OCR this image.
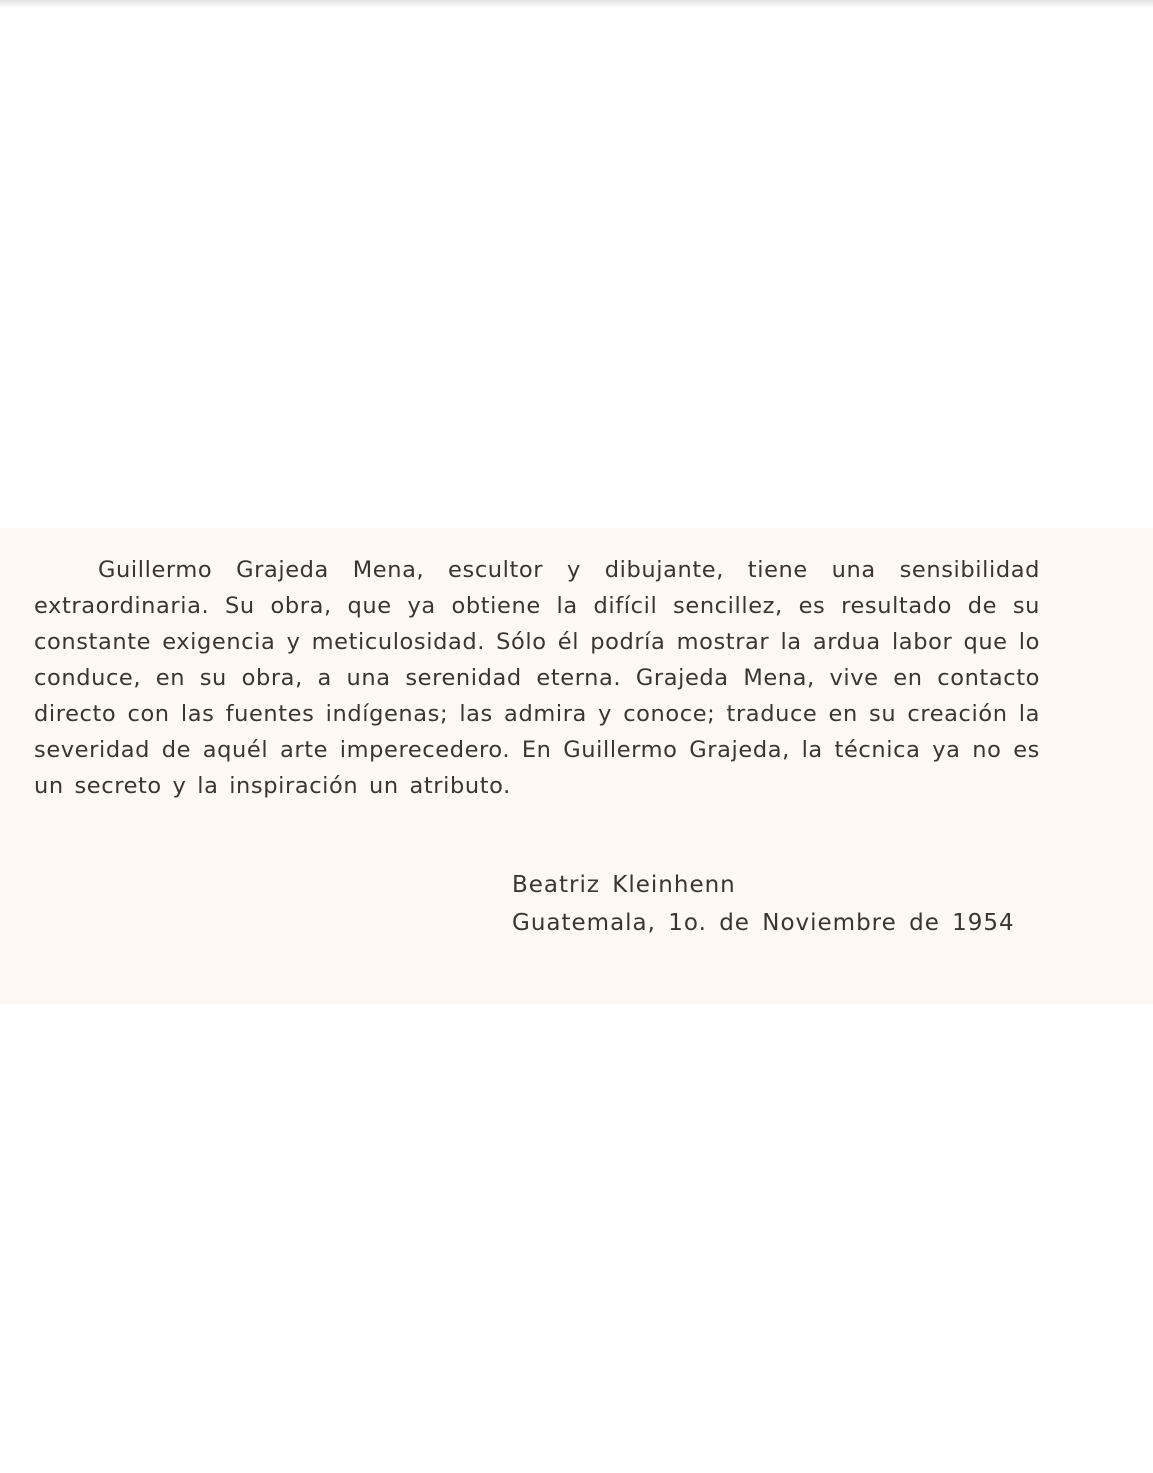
Guillermo Grajeda Mena, escultor y dibujante, tiene una sensibilidad extraordinaria. Su obra, que ya obtiene la difícil sencillez, es resultado de su constante exigencia y meticulosidad. Sólo él podría mostrar la ardua labor que lo conduce, en su obra, a una serenidad eterna. Grajeda Mena, vive en contacto directo con las fuentes indígenas; las admira y conoce; traduce en su creación la severidad de aquél arte imperecedero. En Guillermo Grajeda, la técnica ya no es un secreto y la inspiración un atributo.

Beatriz Kleinhenn
Guatemala, 1o. de Noviembre de 1954
